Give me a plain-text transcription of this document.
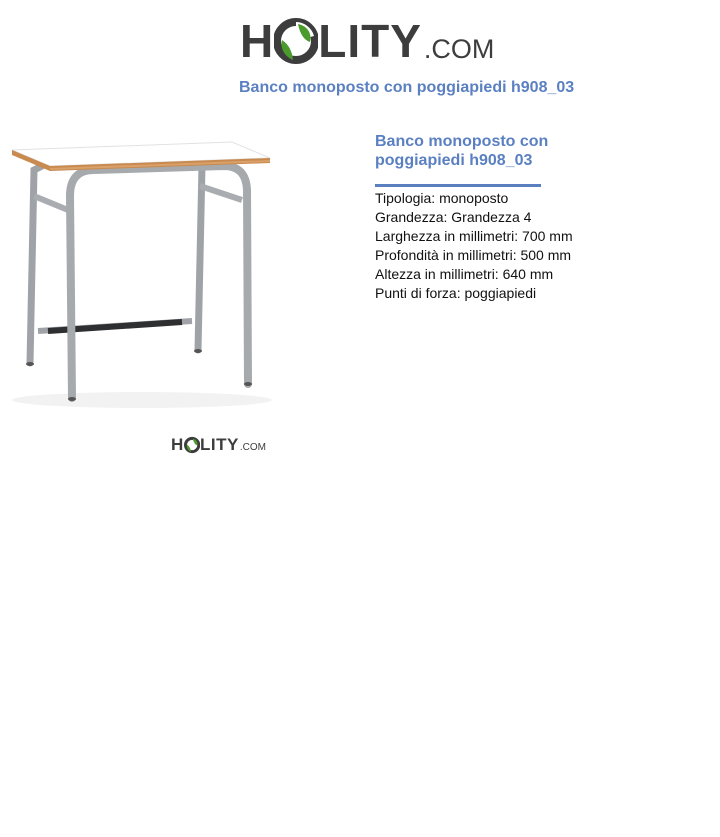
H LITY .COM
Banco monoposto con poggiapiedi h908_03
H LITY .COM
Banco monoposto con
poggiapiedi h908_03
Tipologia: monoposto
Grandezza: Grandezza 4
Larghezza in millimetri: 700 mm
Profondità in millimetri: 500 mm
Altezza in millimetri: 640 mm
Punti di forza: poggiapiedi
